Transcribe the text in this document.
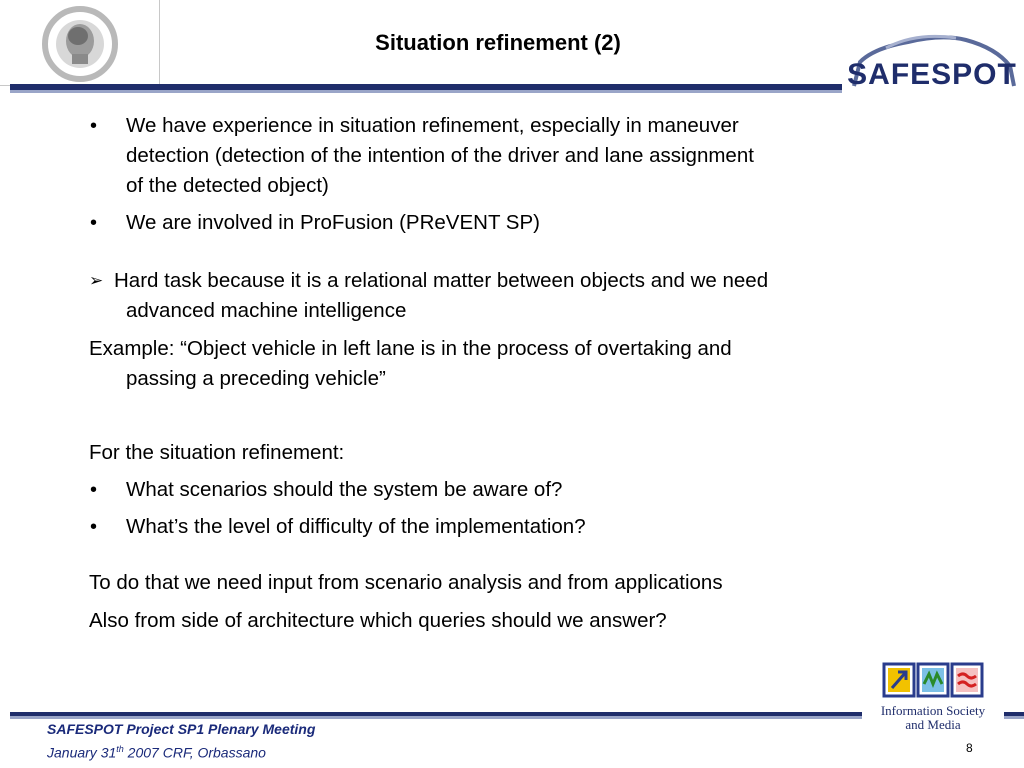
Situation refinement (2)
SAFESPOT
• We have experience in situation refinement, especially in maneuver
detection (detection of the intention of the driver and lane assignment
of the detected object)
• We are involved in ProFusion (PReVENT SP)
➢ Hard task because it is a relational matter between objects and we need
advanced machine intelligence
Example: “Object vehicle in left lane is in the process of overtaking and
passing a preceding vehicle”
For the situation refinement:
• What scenarios should the system be aware of?
• What’s the level of difficulty of the implementation?
To do that we need input from scenario analysis and from applications
Also from side of architecture which queries should we answer?
SAFESPOT Project SP1 Plenary Meeting
January 31th 2007 CRF, Orbassano
Information Society
and Media
8
